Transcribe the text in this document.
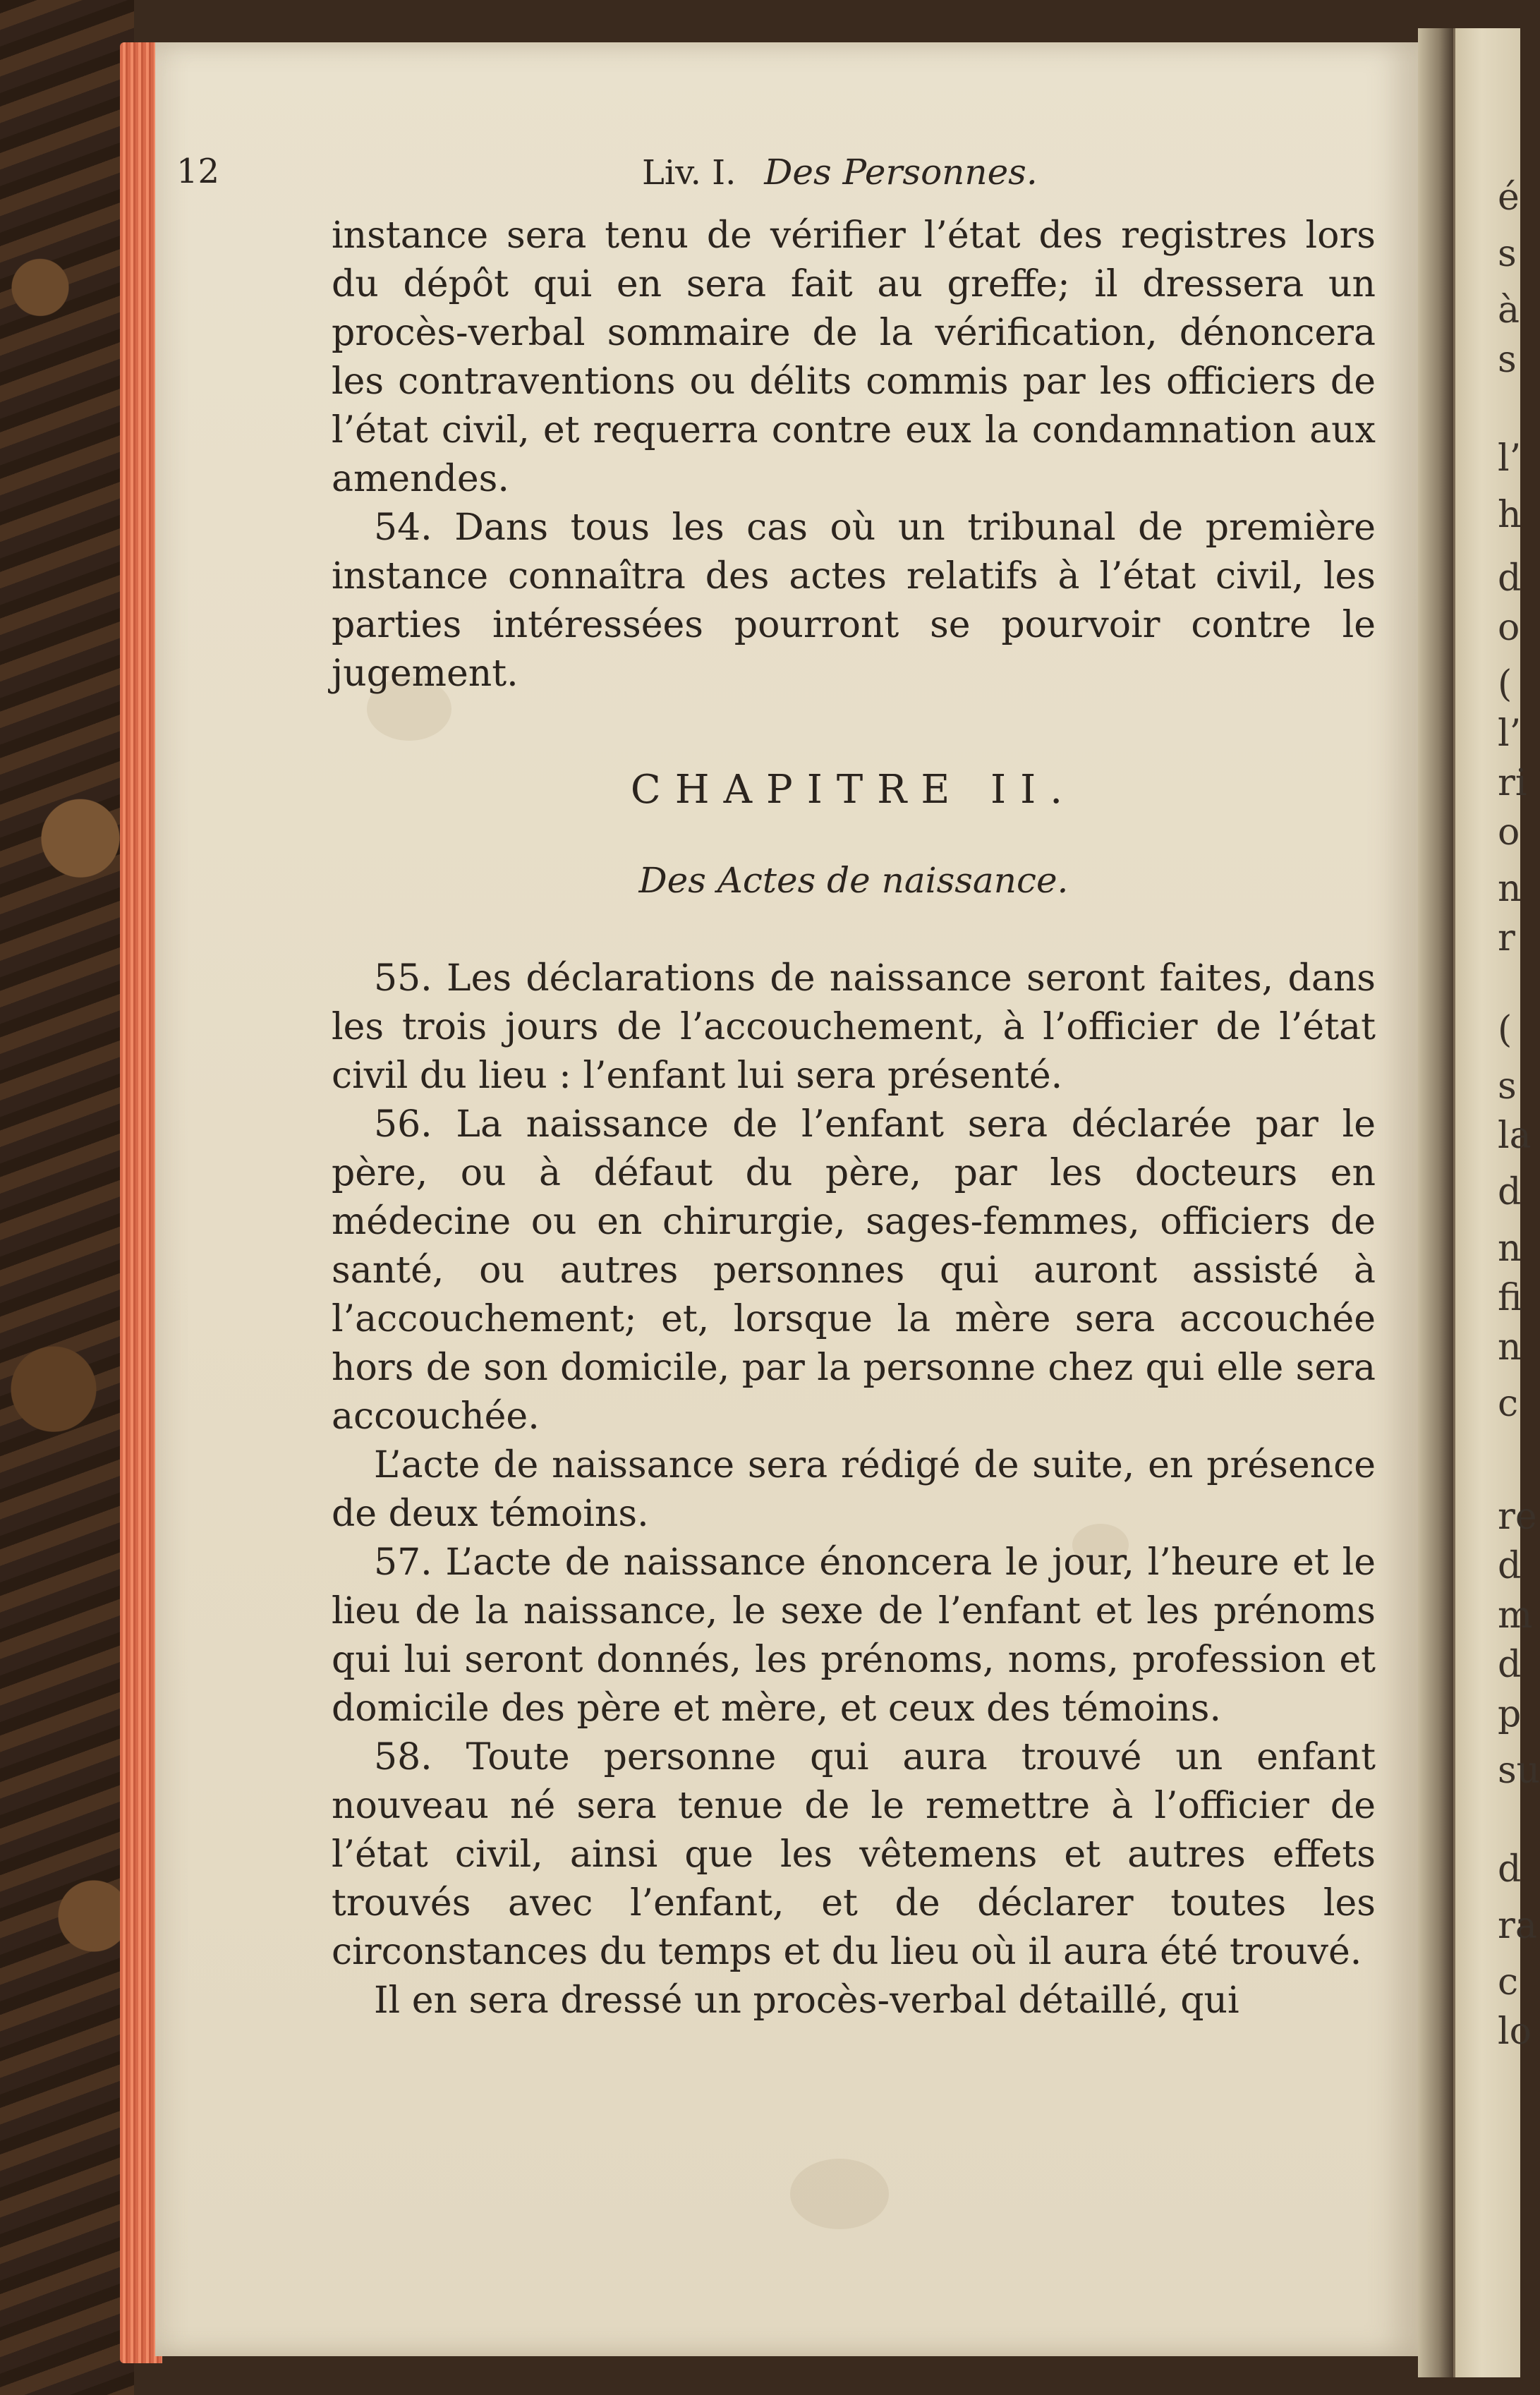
é
s
à
s
l’
h
d
o
(
l’
ri
o
n
r
(
s
la
d
n
fi
n
c
re
d
m
d
p
su
d
ra
c
lo
12	Liv. I. Des Personnes.

instance sera tenu de vérifier l’état des registres lors du dépôt qui en sera fait au greffe; il dressera un procès-verbal sommaire de la vérification, dénoncera les contraventions ou délits commis par les officiers de l’état civil, et requerra contre eux la condamnation aux amendes.

54. Dans tous les cas où un tribunal de première instance connaîtra des actes relatifs à l’état civil, les parties intéressées pourront se pourvoir contre le jugement.

CHAPITRE II.

Des Actes de naissance.

55. Les déclarations de naissance seront faites, dans les trois jours de l’accouchement, à l’officier de l’état civil du lieu : l’enfant lui sera présenté.

56. La naissance de l’enfant sera déclarée par le père, ou à défaut du père, par les docteurs en médecine ou en chirurgie, sages-femmes, officiers de santé, ou autres personnes qui auront assisté à l’accouchement; et, lorsque la mère sera accouchée hors de son domicile, par la personne chez qui elle sera accouchée.

L’acte de naissance sera rédigé de suite, en présence de deux témoins.

57. L’acte de naissance énoncera le jour, l’heure et le lieu de la naissance, le sexe de l’enfant et les prénoms qui lui seront donnés, les prénoms, noms, profession et domicile des père et mère, et ceux des témoins.

58. Toute personne qui aura trouvé un enfant nouveau né sera tenue de le remettre à l’officier de l’état civil, ainsi que les vêtemens et autres effets trouvés avec l’enfant, et de déclarer toutes les circonstances du temps et du lieu où il aura été trouvé.

Il en sera dressé un procès-verbal détaillé, qui
